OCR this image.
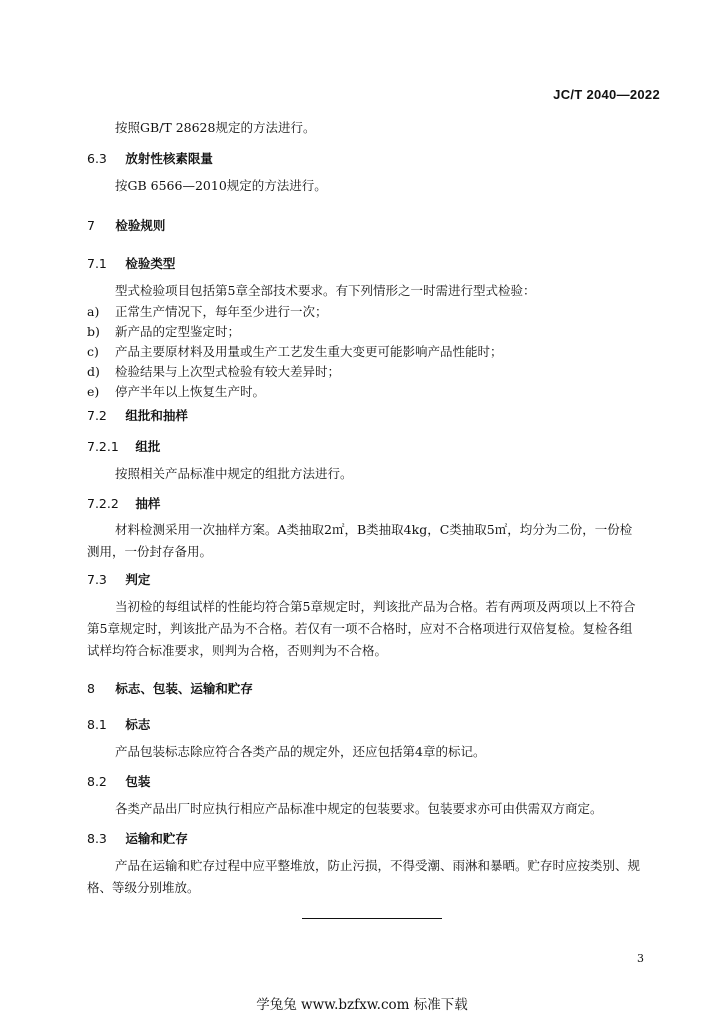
JC/T 2040—2022
按照GB/T 28628规定的方法进行。
6.3 放射性核素限量
按GB 6566—2010规定的方法进行。
7 检验规则
7.1 检验类型
型式检验项目包括第5章全部技术要求。有下列情形之一时需进行型式检验：
a) 正常生产情况下，每年至少进行一次；
b) 新产品的定型鉴定时；
c) 产品主要原材料及用量或生产工艺发生重大变更可能影响产品性能时；
d) 检验结果与上次型式检验有较大差异时；
e) 停产半年以上恢复生产时。
7.2 组批和抽样
7.2.1 组批
按照相关产品标准中规定的组批方法进行。
7.2.2 抽样
材料检测采用一次抽样方案。A类抽取2㎡，B类抽取4kg，C类抽取5㎡，均分为二份，一份检测用，一份封存备用。
7.3 判定
当初检的每组试样的性能均符合第5章规定时，判该批产品为合格。若有两项及两项以上不符合第5章规定时，判该批产品为不合格。若仅有一项不合格时，应对不合格项进行双倍复检。复检各组试样均符合标准要求，则判为合格，否则判为不合格。
8 标志、包装、运输和贮存
8.1 标志
产品包装标志除应符合各类产品的规定外，还应包括第4章的标记。
8.2 包装
各类产品出厂时应执行相应产品标准中规定的包装要求。包装要求亦可由供需双方商定。
8.3 运输和贮存
产品在运输和贮存过程中应平整堆放，防止污损，不得受潮、雨淋和暴晒。贮存时应按类别、规格、等级分别堆放。
3
学兔兔 www.bzfxw.com 标准下载
